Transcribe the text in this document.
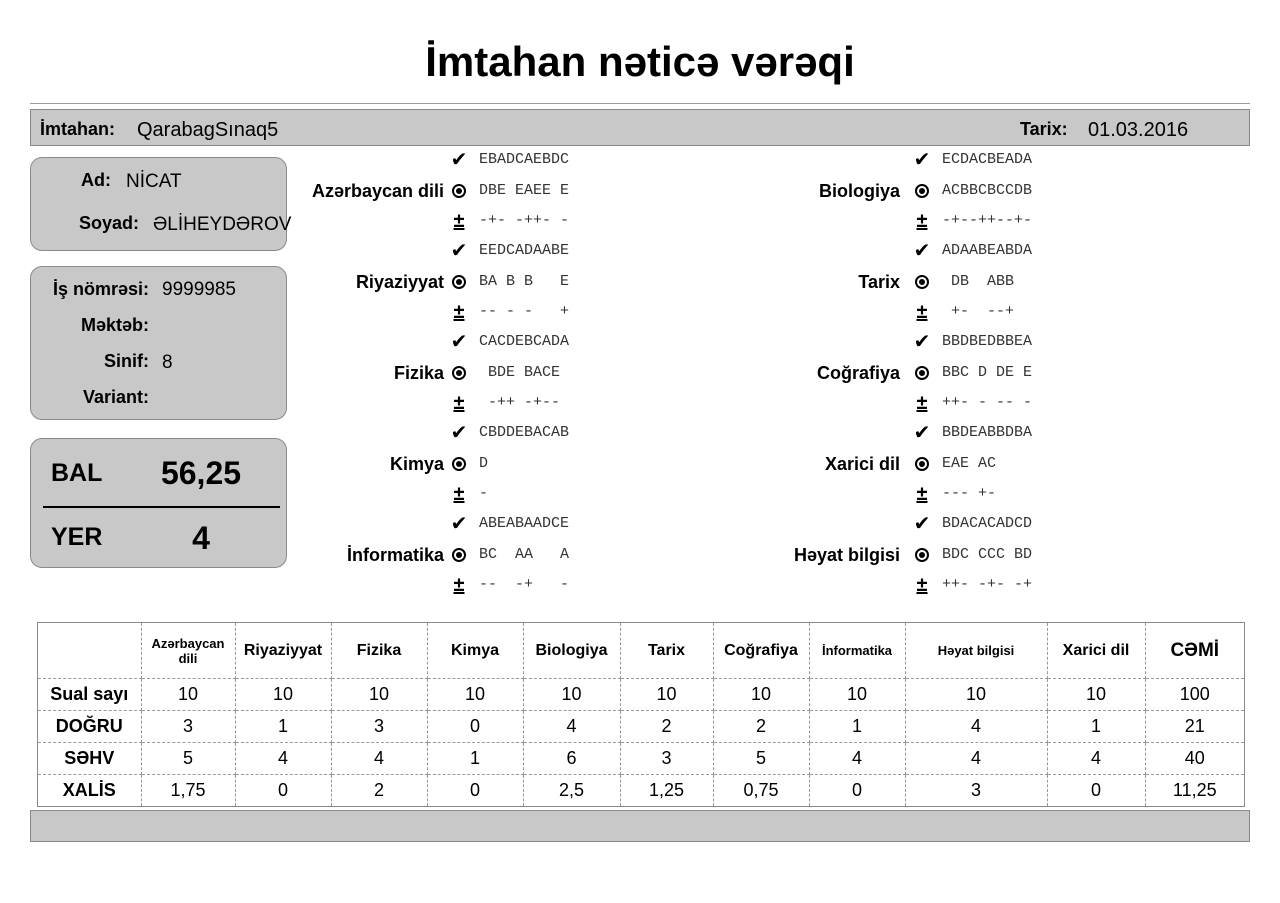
İmtahan nəticə vərəqi
İmtahan: QarabagSınaq5	Tarix: 01.03.2016
Ad: NİCAT
Soyad: ƏLİHEYDƏROV
İş nömrəsi: 9999985
Məktəb:
Sinif: 8
Variant:
BAL	56,25
YER	4
Azərbaycan dili
✔ EBADCAEBDC
DBE EAEE E
± -+- -++- -
Riyaziyyat
✔ EEDCADAABE
BA B B   E
± -- - -   +
Fizika
✔ CACDEBCADA
BDE BACE
± -++ -+--
Kimya
✔ CBDDEBACAB
D
± -
İnformatika
✔ ABEABAADCE
BC  AA   A
± --  -+   -
Biologiya
✔ ECDACBEADA
ACBBCBCCDB
± -+--++--+-
Tarix
✔ ADAABEABDA
DB  ABB
± +-  --+
Coğrafiya
✔ BBDBEDBBEA
BBC D DE E
± ++- - -- -
Xarici dil
✔ BBDEABBDBA
EAE AC
± --- +-
Həyat bilgisi
✔ BDACACADCD
BDC CCC BD
± ++- -+- -+
	Azərbaycan dili	Riyaziyyat	Fizika	Kimya	Biologiya	Tarix	Coğrafiya	İnformatika	Həyat bilgisi	Xarici dil	CƏMİ
Sual sayı	10	10	10	10	10	10	10	10	10	10	100
DOĞRU	3	1	3	0	4	2	2	1	4	1	21
SƏHV	5	4	4	1	6	3	5	4	4	4	40
XALİS	1,75	0	2	0	2,5	1,25	0,75	0	3	0	11,25
